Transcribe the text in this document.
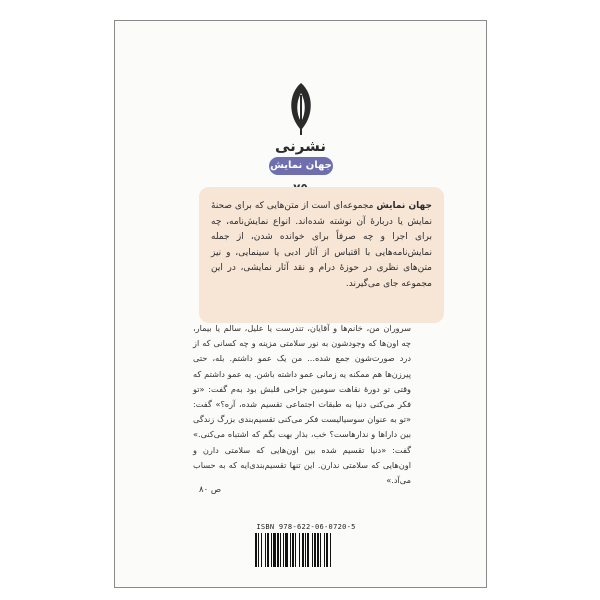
نشرنی
جهان نمایش
جهان نمایش مجموعه‌ای است از متن‌هایی که برای صحنهٔ نمایش یا دربارهٔ آن نوشته شده‌اند. انواع نمایش‌نامه، چه برای اجرا و چه صرفاً برای خوانده شدن، از جمله نمایش‌نامه‌هایی با اقتباس از آثار ادبی یا سینمایی، و نیز متن‌های نظری در حوزهٔ درام و نقد آثار نمایشی، در این مجموعه جای می‌گیرند.
سروران من، خانم‌ها و آقایان، تندرست یا علیل، سالم یا بیمار، چه اون‌ها که وجودشون به نور سلامتی مزینه و چه کسانی که از درد صورت‌شون جمع شده... من یک عمو داشتم. بله، حتی پیرزن‌ها هم ممکنه یه زمانی عمو داشته باشن. یه عمو داشتم که وقتی تو دورهٔ نقاهت سومین جراحی قلبش بود به‌م گفت: «تو فکر می‌کنی دنیا به طبقات اجتماعی تقسیم شده، آره؟» گفت: «تو به عنوان سوسیالیست فکر می‌کنی تقسیم‌بندی بزرگ زندگی بین دارا‌ها و ندارهاست؟ خب، بذار بهت بگم که اشتباه می‌کنی.» گفت: «دنیا تقسیم شده بین اون‌هایی که سلامتی دارن و اون‌هایی که سلامتی ندارن. این تنها تقسیم‌بندی‌ایه که به حساب می‌آد.»
ص ۸۰
ISBN 978-622-06-0720-5
